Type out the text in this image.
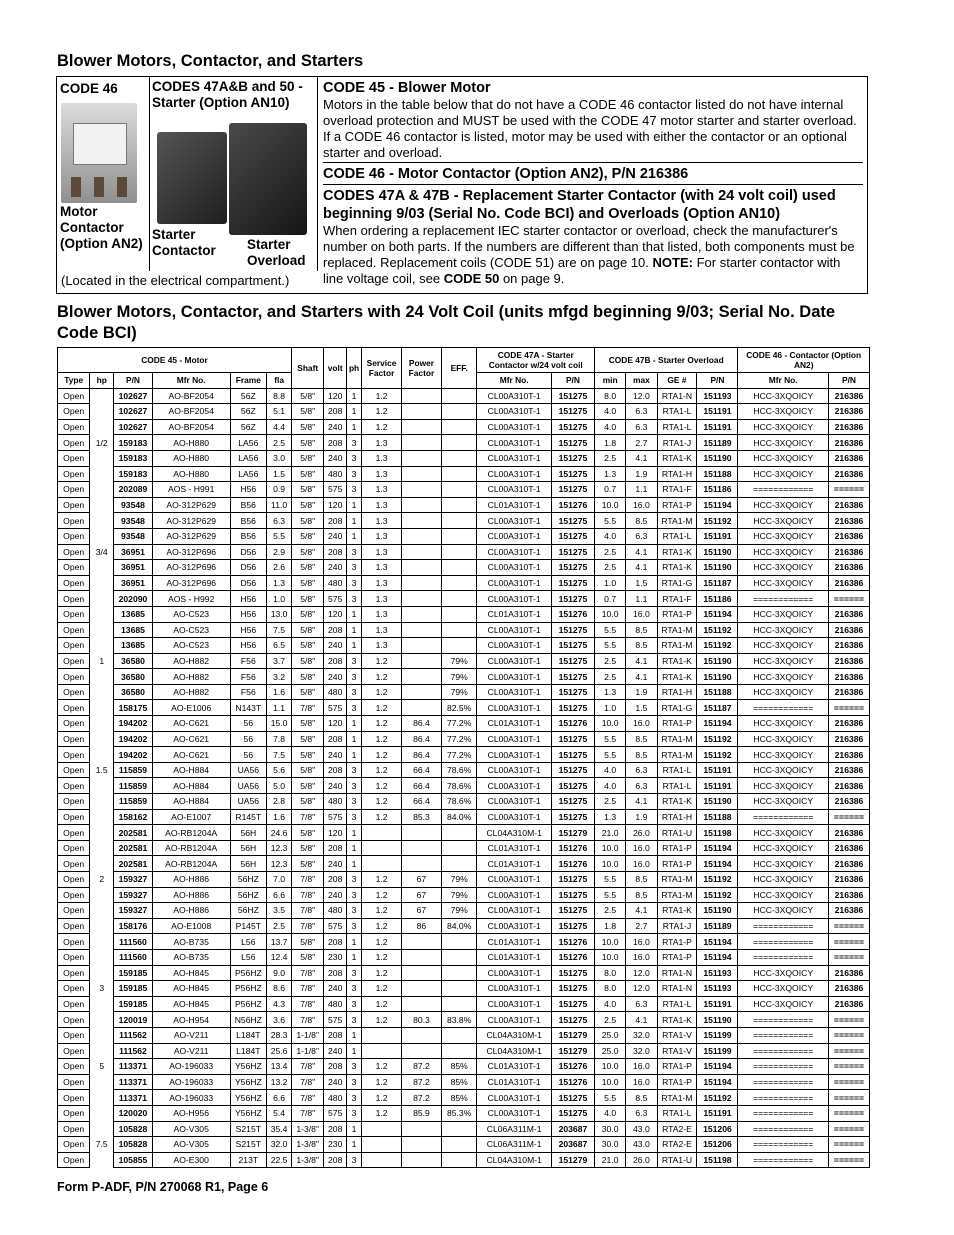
Blower Motors, Contactor, and Starters
CODE 46
Motor Contactor (Option AN2)
CODES 47A&B and 50 - Starter (Option AN10)
Starter Contactor	Starter Overload
(Located in the electrical compartment.)
CODE 45 - Blower Motor
Motors in the table below that do not have a CODE 46 contactor listed do not have internal overload protection and MUST be used with the CODE 47 motor starter and starter overload. If a CODE 46 contactor is listed, motor may be used with either the contactor or an optional starter and overload.
CODE 46 - Motor Contactor (Option AN2), P/N 216386
CODES 47A & 47B - Replacement Starter Contactor (with 24 volt coil) used beginning 9/03 (Serial No. Code BCI) and Overloads (Option AN10)
When ordering a replacement IEC starter contactor or overload, check the manufacturer's number on both parts. If the numbers are different than that listed, both components must be replaced. Replacement coils (CODE 51) are on page 10. NOTE: For starter contactor with line voltage coil, see CODE 50 on page 9.
Blower Motors, Contactor, and Starters with 24 Volt Coil (units mfgd beginning 9/03; Serial No. Date Code BCI)
CODE 45 - Motor						Shaft	volt	ph	Service Factor	Power Factor	EFF.	CODE 47A - Starter Contactor w/24 volt coil		CODE 47B - Starter Overload				CODE 46 - Contactor (Option AN2)	
Type	hp	P/N	Mfr No.	Frame	fla							Mfr No.	P/N	min	max	GE #	P/N	Mfr No.	P/N
Open		102627	AO-BF2054	56Z	8.8	5/8"	120	1	1.2			CL00A310T-1	151275	8.0	12.0	RTA1-N	151193	HCC-3XQOICY	216386
Open		102627	AO-BF2054	56Z	5.1	5/8"	208	1	1.2			CL00A310T-1	151275	4.0	6.3	RTA1-L	151191	HCC-3XQOICY	216386
Open		102627	AO-BF2054	56Z	4.4	5/8"	240	1	1.2			CL00A310T-1	151275	4.0	6.3	RTA1-L	151191	HCC-3XQOICY	216386
Open	1/2	159183	AO-H880	LA56	2.5	5/8"	208	3	1.3			CL00A310T-1	151275	1.8	2.7	RTA1-J	151189	HCC-3XQOICY	216386
Open		159183	AO-H880	LA56	3.0	5/8"	240	3	1.3			CL00A310T-1	151275	2.5	4.1	RTA1-K	151190	HCC-3XQOICY	216386
Open		159183	AO-H880	LA56	1.5	5/8"	480	3	1.3			CL00A310T-1	151275	1.3	1.9	RTA1-H	151188	HCC-3XQOICY	216386
Open		202089	AOS - H991	H56	0.9	5/8"	575	3	1.3			CL00A310T-1	151275	0.7	1.1	RTA1-F	151186	============	======
Open		93548	AO-312P629	B56	11.0	5/8"	120	1	1.3			CL01A310T-1	151276	10.0	16.0	RTA1-P	151194	HCC-3XQOICY	216386
Open		93548	AO-312P629	B56	6.3	5/8"	208	1	1.3			CL00A310T-1	151275	5.5	8.5	RTA1-M	151192	HCC-3XQOICY	216386
Open		93548	AO-312P629	B56	5.5	5/8"	240	1	1.3			CL00A310T-1	151275	4.0	6.3	RTA1-L	151191	HCC-3XQOICY	216386
Open	3/4	36951	AO-312P696	D56	2.9	5/8"	208	3	1.3			CL00A310T-1	151275	2.5	4.1	RTA1-K	151190	HCC-3XQOICY	216386
Open		36951	AO-312P696	D56	2.6	5/8"	240	3	1.3			CL00A310T-1	151275	2.5	4.1	RTA1-K	151190	HCC-3XQOICY	216386
Open		36951	AO-312P696	D56	1.3	5/8"	480	3	1.3			CL00A310T-1	151275	1.0	1.5	RTA1-G	151187	HCC-3XQOICY	216386
Open		202090	AOS - H992	H56	1.0	5/8"	575	3	1.3			CL00A310T-1	151275	0.7	1.1	RTA1-F	151186	============	======
Open		13685	AO-C523	H56	13.0	5/8"	120	1	1.3			CL01A310T-1	151276	10.0	16.0	RTA1-P	151194	HCC-3XQOICY	216386
Open		13685	AO-C523	H56	7.5	5/8"	208	1	1.3			CL00A310T-1	151275	5.5	8.5	RTA1-M	151192	HCC-3XQOICY	216386
Open		13685	AO-C523	H56	6.5	5/8"	240	1	1.3			CL00A310T-1	151275	5.5	8.5	RTA1-M	151192	HCC-3XQOICY	216386
Open	1	36580	AO-H882	F56	3.7	5/8"	208	3	1.2		79%	CL00A310T-1	151275	2.5	4.1	RTA1-K	151190	HCC-3XQOICY	216386
Open		36580	AO-H882	F56	3.2	5/8"	240	3	1.2		79%	CL00A310T-1	151275	2.5	4.1	RTA1-K	151190	HCC-3XQOICY	216386
Open		36580	AO-H882	F56	1.6	5/8"	480	3	1.2		79%	CL00A310T-1	151275	1.3	1.9	RTA1-H	151188	HCC-3XQOICY	216386
Open		158175	AO-E1006	N143T	1.1	7/8"	575	3	1.2		82.5%	CL00A310T-1	151275	1.0	1.5	RTA1-G	151187	============	======
Open		194202	AO-C621	56	15.0	5/8"	120	1	1.2	86.4	77.2%	CL01A310T-1	151276	10.0	16.0	RTA1-P	151194	HCC-3XQOICY	216386
Open		194202	AO-C621	56	7.8	5/8"	208	1	1.2	86.4	77.2%	CL00A310T-1	151275	5.5	8.5	RTA1-M	151192	HCC-3XQOICY	216386
Open		194202	AO-C621	56	7.5	5/8"	240	1	1.2	86.4	77.2%	CL00A310T-1	151275	5.5	8.5	RTA1-M	151192	HCC-3XQOICY	216386
Open	1.5	115859	AO-H884	UA56	5.6	5/8"	208	3	1.2	66.4	78.6%	CL00A310T-1	151275	4.0	6.3	RTA1-L	151191	HCC-3XQOICY	216386
Open		115859	AO-H884	UA56	5.0	5/8"	240	3	1.2	66.4	78.6%	CL00A310T-1	151275	4.0	6.3	RTA1-L	151191	HCC-3XQOICY	216386
Open		115859	AO-H884	UA56	2.8	5/8"	480	3	1.2	66.4	78.6%	CL00A310T-1	151275	2.5	4.1	RTA1-K	151190	HCC-3XQOICY	216386
Open		158162	AO-E1007	R145T	1.6	7/8"	575	3	1.2	85.3	84.0%	CL00A310T-1	151275	1.3	1.9	RTA1-H	151188	============	======
Open		202581	AO-RB1204A	56H	24.6	5/8"	120	1				CL04A310M-1	151279	21.0	26.0	RTA1-U	151198	HCC-3XQOICY	216386
Open		202581	AO-RB1204A	56H	12.3	5/8"	208	1				CL01A310T-1	151276	10.0	16.0	RTA1-P	151194	HCC-3XQOICY	216386
Open		202581	AO-RB1204A	56H	12.3	5/8"	240	1				CL01A310T-1	151276	10.0	16.0	RTA1-P	151194	HCC-3XQOICY	216386
Open	2	159327	AO-H886	56HZ	7.0	7/8"	208	3	1.2	67	79%	CL00A310T-1	151275	5.5	8.5	RTA1-M	151192	HCC-3XQOICY	216386
Open		159327	AO-H886	56HZ	6.6	7/8"	240	3	1.2	67	79%	CL00A310T-1	151275	5.5	8.5	RTA1-M	151192	HCC-3XQOICY	216386
Open		159327	AO-H886	56HZ	3.5	7/8"	480	3	1.2	67	79%	CL00A310T-1	151275	2.5	4.1	RTA1-K	151190	HCC-3XQOICY	216386
Open		158176	AO-E1008	P145T	2.5	7/8"	575	3	1.2	86	84.0%	CL00A310T-1	151275	1.8	2.7	RTA1-J	151189	============	======
Open		111560	AO-B735	L56	13.7	5/8"	208	1	1.2			CL01A310T-1	151276	10.0	16.0	RTA1-P	151194	============	======
Open		111560	AO-B735	L56	12.4	5/8"	230	1	1.2			CL01A310T-1	151276	10.0	16.0	RTA1-P	151194	============	======
Open		159185	AO-H845	P56HZ	9.0	7/8"	208	3	1.2			CL00A310T-1	151275	8.0	12.0	RTA1-N	151193	HCC-3XQOICY	216386
Open	3	159185	AO-H845	P56HZ	8.6	7/8"	240	3	1.2			CL00A310T-1	151275	8.0	12.0	RTA1-N	151193	HCC-3XQOICY	216386
Open		159185	AO-H845	P56HZ	4.3	7/8"	480	3	1.2			CL00A310T-1	151275	4.0	6.3	RTA1-L	151191	HCC-3XQOICY	216386
Open		120019	AO-H954	N56HZ	3.6	7/8"	575	3	1.2	80.3	83.8%	CL00A310T-1	151275	2.5	4.1	RTA1-K	151190	============	======
Open		111562	AO-V211	L184T	28.3	1-1/8"	208	1				CL04A310M-1	151279	25.0	32.0	RTA1-V	151199	============	======
Open		111562	AO-V211	L184T	25.6	1-1/8"	240	1				CL04A310M-1	151279	25.0	32.0	RTA1-V	151199	============	======
Open	5	113371	AO-196033	Y56HZ	13.4	7/8"	208	3	1.2	87.2	85%	CL01A310T-1	151276	10.0	16.0	RTA1-P	151194	============	======
Open		113371	AO-196033	Y56HZ	13.2	7/8"	240	3	1.2	87.2	85%	CL01A310T-1	151276	10.0	16.0	RTA1-P	151194	============	======
Open		113371	AO-196033	Y56HZ	6.6	7/8"	480	3	1.2	87.2	85%	CL00A310T-1	151275	5.5	8.5	RTA1-M	151192	============	======
Open		120020	AO-H956	Y56HZ	5.4	7/8"	575	3	1.2	85.9	85.3%	CL00A310T-1	151275	4.0	6.3	RTA1-L	151191	============	======
Open		105828	AO-V305	S215T	35.4	1-3/8"	208	1				CL06A311M-1	203687	30.0	43.0	RTA2-E	151206	============	======
Open	7.5	105828	AO-V305	S215T	32.0	1-3/8"	230	1				CL06A311M-1	203687	30.0	43.0	RTA2-E	151206	============	======
Open		105855	AO-E300	213T	22.5	1-3/8"	208	3				CL04A310M-1	151279	21.0	26.0	RTA1-U	151198	============	======
Form P-ADF, P/N 270068 R1, Page 6
